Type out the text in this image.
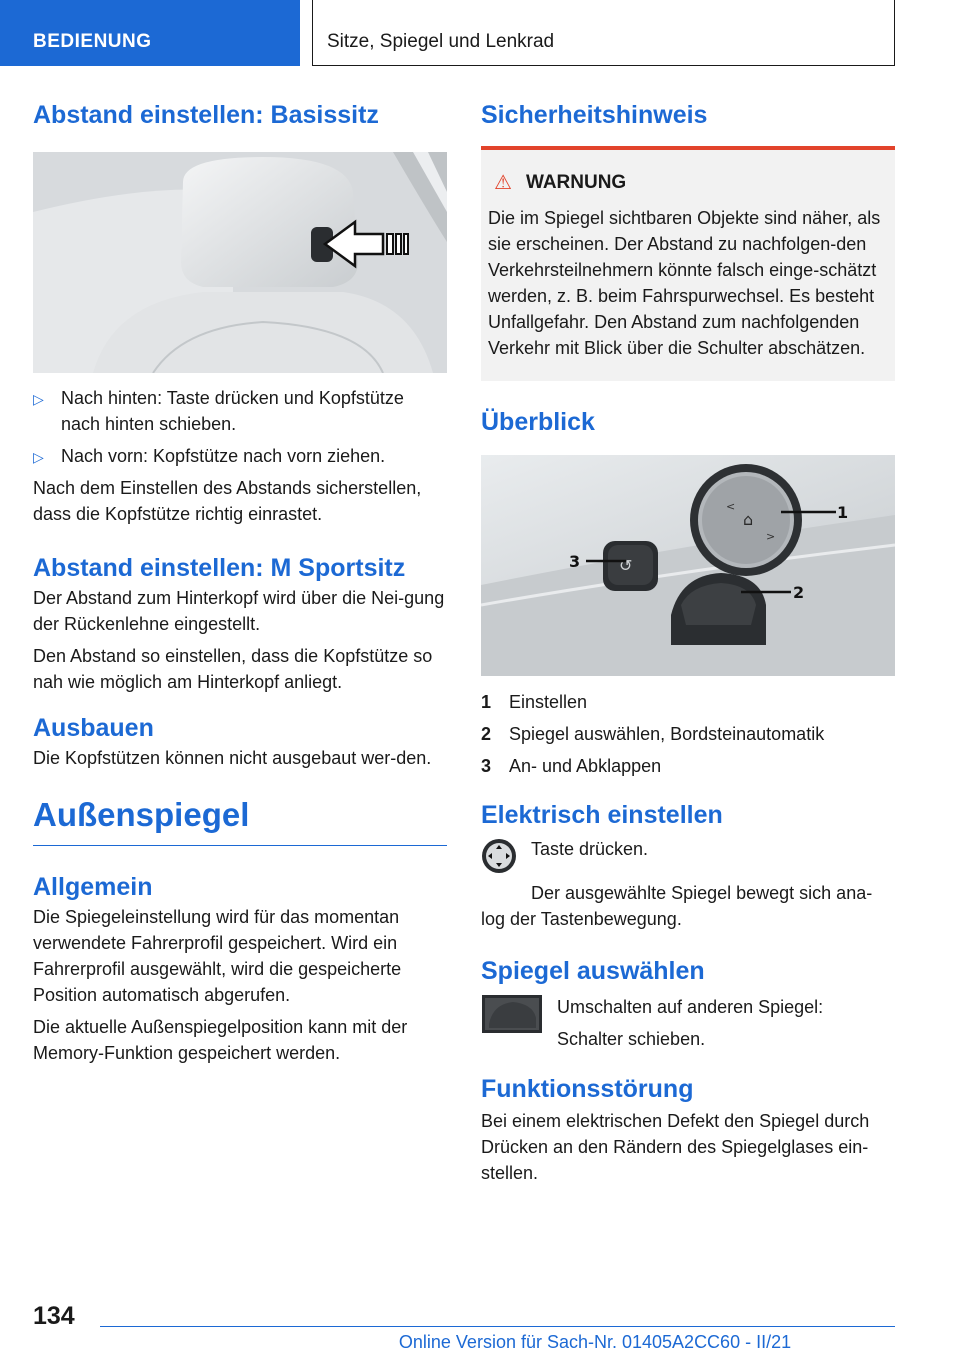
BEDIENUNG	Sitze, Spiegel und Lenkrad
Abstand einstellen: Basissitz
▷ Nach hinten: Taste drücken und Kopfstütze nach hinten schieben.
▷ Nach vorn: Kopfstütze nach vorn ziehen.

Nach dem Einstellen des Abstands sicherstellen, dass die Kopfstütze richtig einrastet.

Abstand einstellen: M Sportsitz

Der Abstand zum Hinterkopf wird über die Nei-gung der Rückenlehne eingestellt.

Den Abstand so einstellen, dass die Kopfstütze so nah wie möglich am Hinterkopf anliegt.

Ausbauen

Die Kopfstützen können nicht ausgebaut wer-den.

Außenspiegel
Allgemein

Die Spiegeleinstellung wird für das momentan verwendete Fahrerprofil gespeichert. Wird ein Fahrerprofil ausgewählt, wird die gespeicherte Position automatisch abgerufen.

Die aktuelle Außenspiegelposition kann mit der Memory-Funktion gespeichert werden.

Sicherheitshinweis
⚠ WARNUNG

Die im Spiegel sichtbaren Objekte sind näher, als sie erscheinen. Der Abstand zu nachfolgen-den Verkehrsteilnehmern könnte falsch einge-schätzt werden, z. B. beim Fahrspurwechsel. Es besteht Unfallgefahr. Den Abstand zum nachfolgenden Verkehr mit Blick über die Schulter abschätzen.

Überblick
⌂
<
>
↺
1
2
3
1 Einstellen
2 Spiegel auswählen, Bordsteinautomatik
3 An- und Abklappen
Elektrisch einstellen

Taste drücken.

Der ausgewählte Spiegel bewegt sich ana-log der Tastenbewegung.

Spiegel auswählen

Umschalten auf anderen Spiegel:

Schalter schieben.

Funktionsstörung

Bei einem elektrischen Defekt den Spiegel durch Drücken an den Rändern des Spiegelglases ein-stellen.

134
Online Version für Sach-Nr. 01405A2CC60 - II/21
